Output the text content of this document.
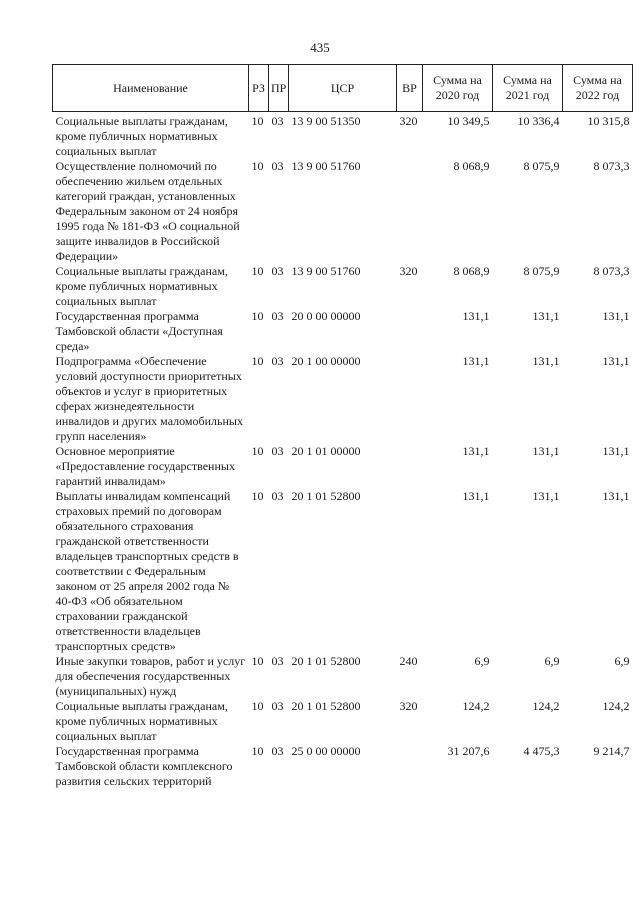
435
Наименование	РЗ	ПР	ЦСР	ВР	Сумма на 2020 год	Сумма на 2021 год	Сумма на 2022 год
Социальные выплаты гражданам, кроме публичных нормативных социальных выплат	10	03	13 9 00 51350	320	10 349,5	10 336,4	10 315,8
Осуществление полномочий по обеспечению жильем отдельных категорий граждан, установленных Федеральным законом от 24 ноября 1995 года № 181-ФЗ «О социальной защите инвалидов в Российской Федерации»	10	03	13 9 00 51760		8 068,9	8 075,9	8 073,3
Социальные выплаты гражданам, кроме публичных нормативных социальных выплат	10	03	13 9 00 51760	320	8 068,9	8 075,9	8 073,3
Государственная программа Тамбовской области «Доступная среда»	10	03	20 0 00 00000		131,1	131,1	131,1
Подпрограмма «Обеспечение условий доступности приоритетных объектов и услуг в приоритетных сферах жизнедеятельности инвалидов и других маломобильных групп населения»	10	03	20 1 00 00000		131,1	131,1	131,1
Основное мероприятие «Предоставление государственных гарантий инвалидам»	10	03	20 1 01 00000		131,1	131,1	131,1
Выплаты инвалидам компенсаций страховых премий по договорам обязательного страхования гражданской ответственности владельцев транспортных средств в соответствии с Федеральным законом от 25 апреля 2002 года № 40-ФЗ «Об обязательном страховании гражданской ответственности владельцев транспортных средств»	10	03	20 1 01 52800		131,1	131,1	131,1
Иные закупки товаров, работ и услуг для обеспечения государственных (муниципальных) нужд	10	03	20 1 01 52800	240	6,9	6,9	6,9
Социальные выплаты гражданам, кроме публичных нормативных социальных выплат	10	03	20 1 01 52800	320	124,2	124,2	124,2
Государственная программа Тамбовской области комплексного развития сельских территорий	10	03	25 0 00 00000		31 207,6	4 475,3	9 214,7
